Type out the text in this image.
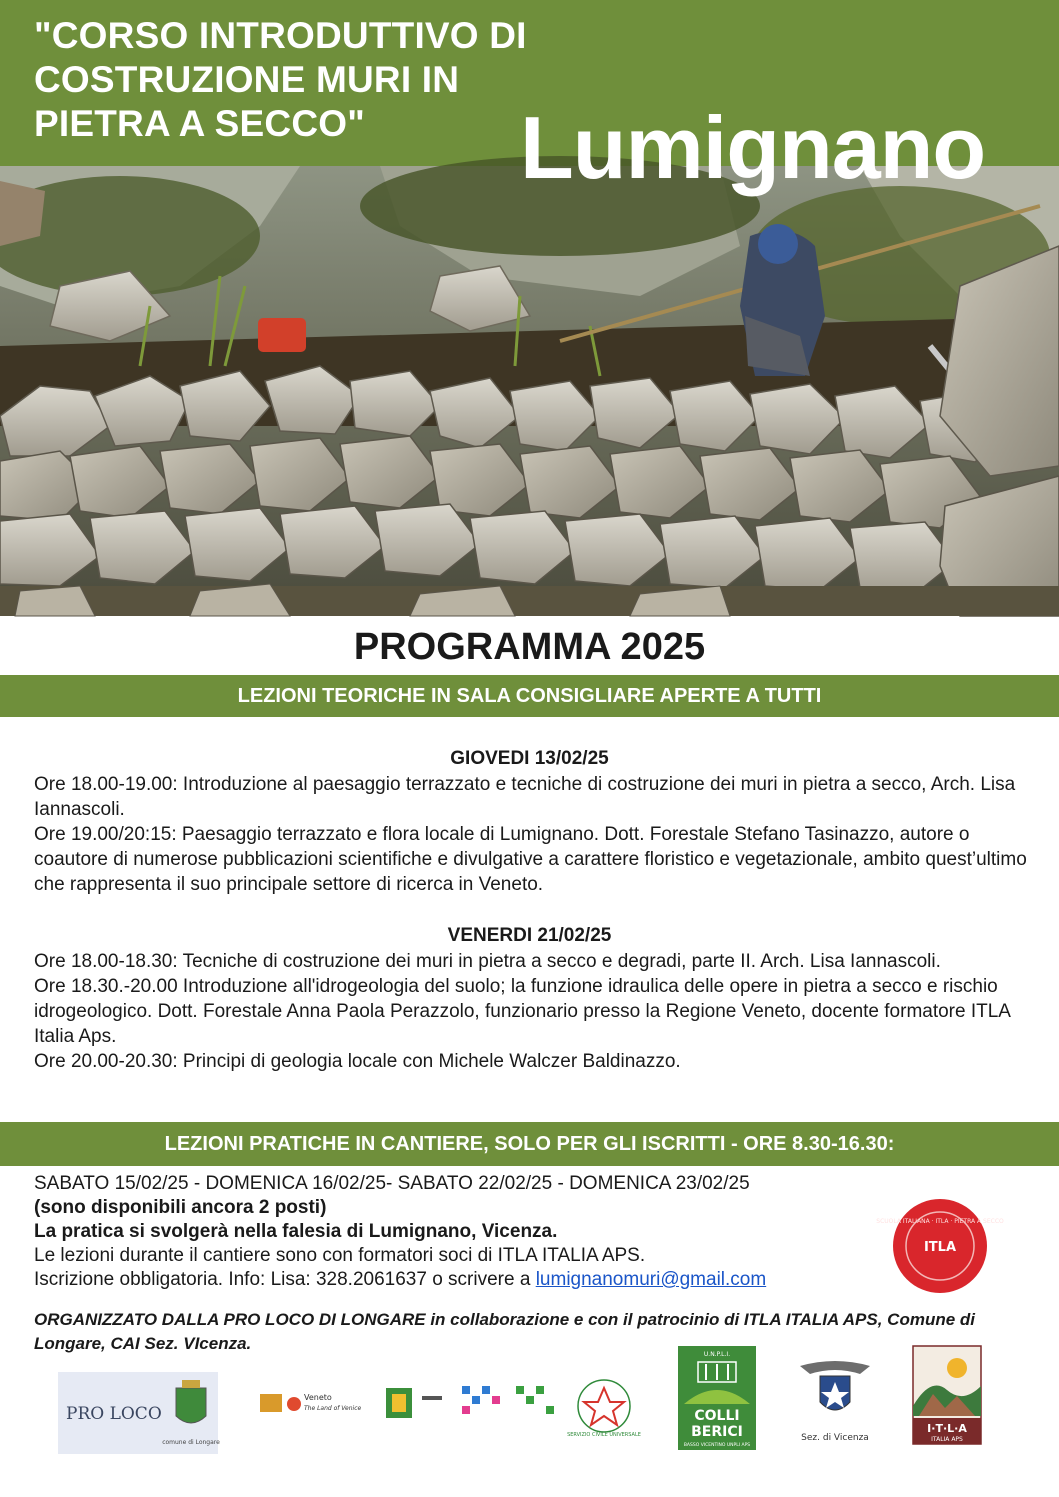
"CORSO INTRODUTTIVO DI
COSTRUZIONE MURI IN
PIETRA A SECCO"	Lumignano
PROGRAMMA 2025
LEZIONI TEORICHE IN SALA CONSIGLIARE APERTE A TUTTI
GIOVEDI 13/02/25

Ore 18.00-19.00: Introduzione al paesaggio terrazzato e tecniche di costruzione dei muri in pietra a secco, Arch. Lisa Iannascoli.

Ore 19.00/20:15: Paesaggio terrazzato e flora locale di Lumignano. Dott. Forestale Stefano Tasinazzo, autore o coautore di numerose pubblicazioni scientifiche e divulgative a carattere floristico e vegetazionale, ambito quest’ultimo che rappresenta il suo principale settore di ricerca in Veneto.

VENERDI 21/02/25

Ore 18.00-18.30: Tecniche di costruzione dei muri in pietra a secco e degradi, parte II. Arch. Lisa Iannascoli.

Ore 18.30.-20.00 Introduzione all'idrogeologia del suolo; la funzione idraulica delle opere in pietra a secco e rischio idrogeologico. Dott. Forestale Anna Paola Perazzolo, funzionario presso la Regione Veneto, docente formatore ITLA Italia Aps.

Ore 20.00-20.30: Principi di geologia locale con Michele Walczer Baldinazzo.

LEZIONI PRATICHE IN CANTIERE, SOLO PER GLI ISCRITTI - ORE 8.30-16.30:
SABATO 15/02/25 - DOMENICA 16/02/25- SABATO 22/02/25 - DOMENICA 23/02/25
(sono disponibili ancora 2 posti)
La pratica si svolgerà nella falesia di Lumignano, Vicenza.
Le lezioni durante il cantiere sono con formatori soci di ITLA ITALIA APS.
Iscrizione obbligatoria. Info: Lisa: 328.2061637 o scrivere a lumignanomuri@gmail.com
ITLA
SCUOLA ITALIANA · ITLA · PIETRA A SECCO
ORGANIZZATO DALLA PRO LOCO DI LONGARE in collaborazione e con il patrocinio di ITLA ITALIA APS, Comune di Longare, CAI Sez. VIcenza.
PRO LOCO
comune di Longare
Veneto
The Land of Venice
SERVIZIO CIVILE UNIVERSALE
U.N.P.L.I.
COLLI
BERICI
BASSO VICENTINO UNPLI APS
Sez. di Vicenza
I·T·L·A
ITALIA APS
